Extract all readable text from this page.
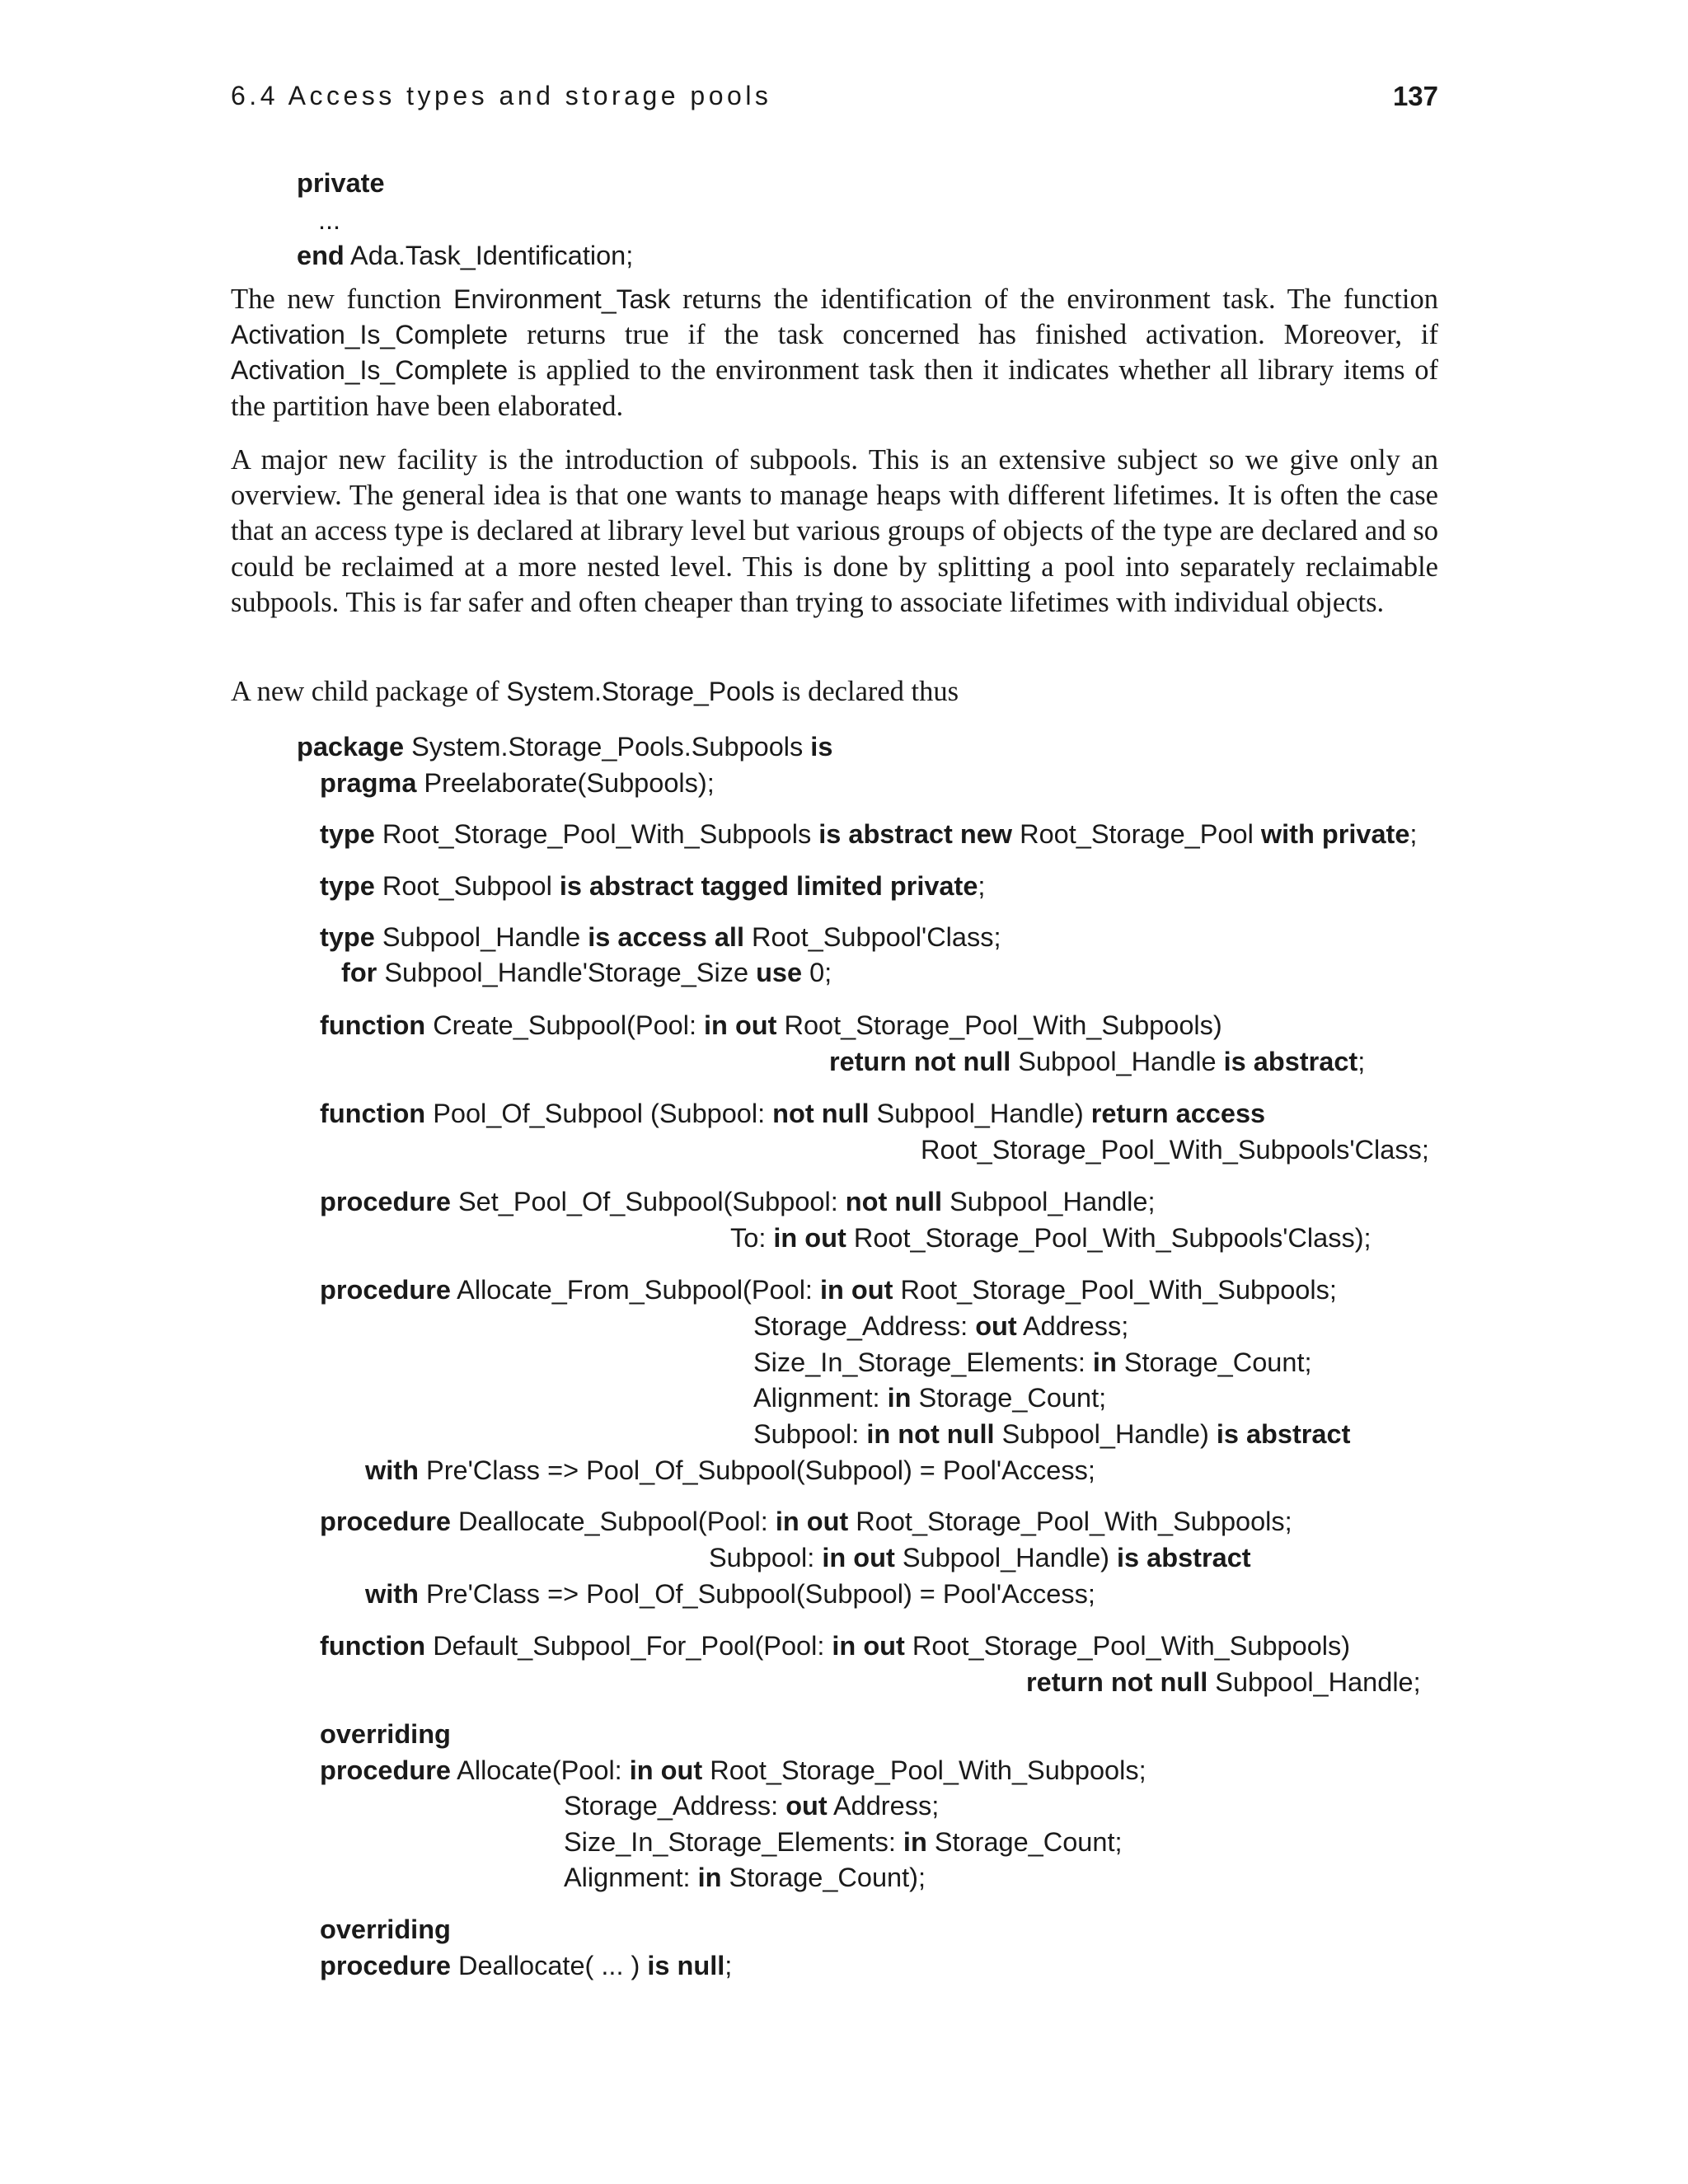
6.4 Access types and storage pools	137
private
...
end Ada.Task_Identification;

The new function Environment_Task returns the identification of the environment task. The function Activation_Is_Complete returns true if the task concerned has finished activation. Moreover, if Activation_Is_Complete is applied to the environment task then it indicates whether all library items of the partition have been elaborated.

A major new facility is the introduction of subpools. This is an extensive subject so we give only an overview. The general idea is that one wants to manage heaps with different lifetimes. It is often the case that an access type is declared at library level but various groups of objects of the type are declared and so could be reclaimed at a more nested level. This is done by splitting a pool into separately reclaimable subpools. This is far safer and often cheaper than trying to associate lifetimes with individual objects.

A new child package of System.Storage_Pools is declared thus

package System.Storage_Pools.Subpools is
pragma Preelaborate(Subpools);
type Root_Storage_Pool_With_Subpools is abstract new Root_Storage_Pool with private;
type Root_Subpool is abstract tagged limited private;
type Subpool_Handle is access all Root_Subpool'Class;
for Subpool_Handle'Storage_Size use 0;
function Create_Subpool(Pool: in out Root_Storage_Pool_With_Subpools)
return not null Subpool_Handle is abstract;
function Pool_Of_Subpool (Subpool: not null Subpool_Handle) return access
Root_Storage_Pool_With_Subpools'Class;
procedure Set_Pool_Of_Subpool(Subpool: not null Subpool_Handle;
To: in out Root_Storage_Pool_With_Subpools'Class);
procedure Allocate_From_Subpool(Pool: in out Root_Storage_Pool_With_Subpools;
Storage_Address: out Address;
Size_In_Storage_Elements: in Storage_Count;
Alignment: in Storage_Count;
Subpool: in not null Subpool_Handle) is abstract
with Pre'Class => Pool_Of_Subpool(Subpool) = Pool'Access;
procedure Deallocate_Subpool(Pool: in out Root_Storage_Pool_With_Subpools;
Subpool: in out Subpool_Handle) is abstract
with Pre'Class => Pool_Of_Subpool(Subpool) = Pool'Access;
function Default_Subpool_For_Pool(Pool: in out Root_Storage_Pool_With_Subpools)
return not null Subpool_Handle;
overriding
procedure Allocate(Pool: in out Root_Storage_Pool_With_Subpools;
Storage_Address: out Address;
Size_In_Storage_Elements: in Storage_Count;
Alignment: in Storage_Count);
overriding
procedure Deallocate( ... ) is null;
